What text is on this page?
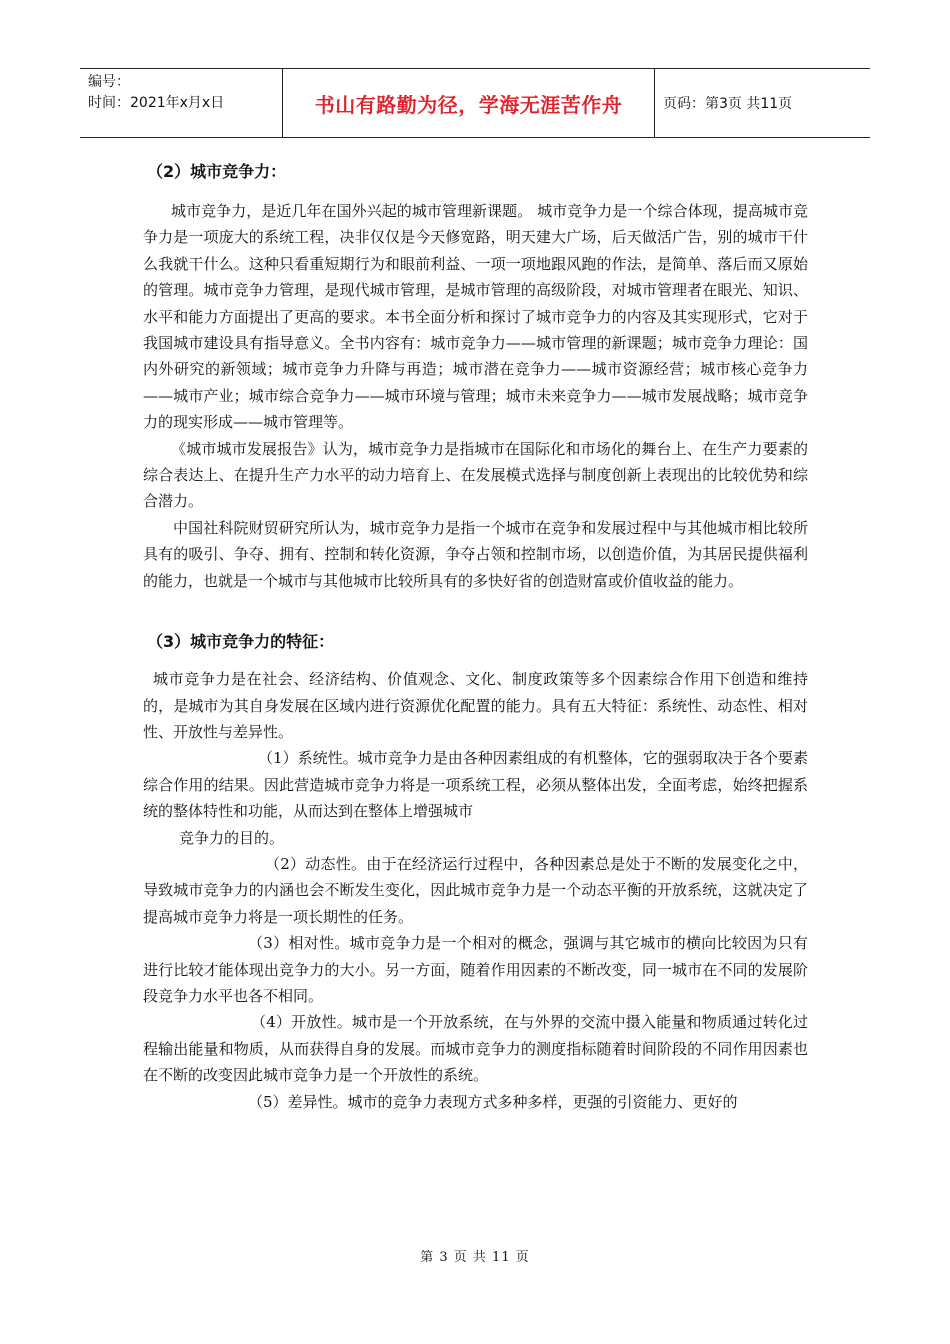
编号：
时间：2021年x月x日	书山有路勤为径，学海无涯苦作舟	页码：第3页 共11页
（2）城市竞争力：

城市竞争力，是近几年在国外兴起的城市管理新课题。 城市竞争力是一个综合体现，提高城市竞争力是一项庞大的系统工程，决非仅仅是今天修宽路，明天建大广场，后天做活广告，别的城市干什么我就干什么。这种只看重短期行为和眼前利益、一项一项地跟风跑的作法，是简单、落后而又原始的管理。城市竞争力管理，是现代城市管理，是城市管理的高级阶段，对城市管理者在眼光、知识、水平和能力方面提出了更高的要求。本书全面分析和探讨了城市竞争力的内容及其实现形式，它对于我国城市建设具有指导意义。全书内容有：城市竞争力——城市管理的新课题；城市竞争力理论：国内外研究的新领域；城市竞争力升降与再造；城市潜在竞争力——城市资源经营；城市核心竞争力——城市产业；城市综合竞争力——城市环境与管理；城市未来竞争力——城市发展战略；城市竞争力的现实形成——城市管理等。

《城市城市发展报告》认为，城市竞争力是指城市在国际化和市场化的舞台上、在生产力要素的综合表达上、在提升生产力水平的动力培育上、在发展模式选择与制度创新上表现出的比较优势和综合潜力。

中国社科院财贸研究所认为，城市竞争力是指一个城市在竞争和发展过程中与其他城市相比较所具有的吸引、争夺、拥有、控制和转化资源，争夺占领和控制市场，以创造价值，为其居民提供福利的能力，也就是一个城市与其他城市比较所具有的多快好省的创造财富或价值收益的能力。

（3）城市竞争力的特征：

城市竞争力是在社会、经济结构、价值观念、文化、制度政策等多个因素综合作用下创造和维持的，是城市为其自身发展在区域内进行资源优化配置的能力。具有五大特征：系统性、动态性、相对性、开放性与差异性。

（1）系统性。城市竞争力是由各种因素组成的有机整体，它的强弱取决于各个要素综合作用的结果。因此营造城市竞争力将是一项系统工程，必须从整体出发，全面考虑，始终把握系统的整体特性和功能，从而达到在整体上增强城市

竞争力的目的。

（2）动态性。由于在经济运行过程中，各种因素总是处于不断的发展变化之中，导致城市竞争力的内涵也会不断发生变化，因此城市竞争力是一个动态平衡的开放系统，这就决定了提高城市竞争力将是一项长期性的任务。

（3）相对性。城市竞争力是一个相对的概念，强调与其它城市的横向比较因为只有进行比较才能体现出竞争力的大小。另一方面，随着作用因素的不断改变，同一城市在不同的发展阶段竞争力水平也各不相同。

（4）开放性。城市是一个开放系统，在与外界的交流中摄入能量和物质通过转化过程输出能量和物质，从而获得自身的发展。而城市竞争力的测度指标随着时间阶段的不同作用因素也在不断的改变因此城市竞争力是一个开放性的系统。

（5）差异性。城市的竞争力表现方式多种多样，更强的引资能力、更好的

第 3 页 共 11 页
